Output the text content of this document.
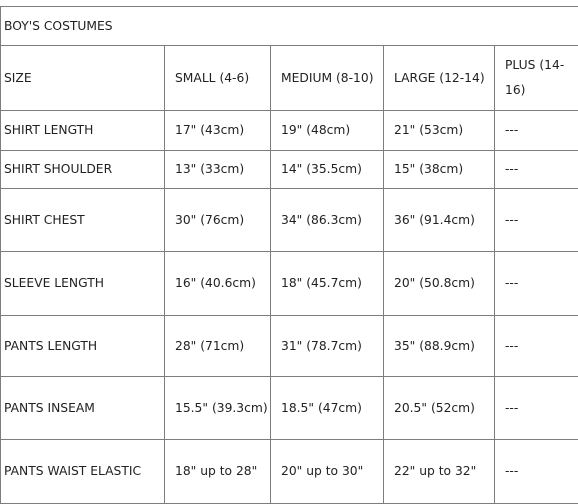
BOY'S COSTUMES				
SIZE	SMALL (4-6)	MEDIUM (8-10)	LARGE (12-14)	PLUS (14-16)
SHIRT LENGTH	17" (43cm)	19" (48cm)	21" (53cm)	---
SHIRT SHOULDER	13" (33cm)	14" (35.5cm)	15" (38cm)	---
SHIRT CHEST	30" (76cm)	34" (86.3cm)	36" (91.4cm)	---
SLEEVE LENGTH	16" (40.6cm)	18" (45.7cm)	20" (50.8cm)	---
PANTS LENGTH	28" (71cm)	31" (78.7cm)	35" (88.9cm)	---
PANTS INSEAM	15.5" (39.3cm)	18.5" (47cm)	20.5" (52cm)	---
PANTS WAIST ELASTIC	18" up to 28"	20" up to 30"	22" up to 32"	---
